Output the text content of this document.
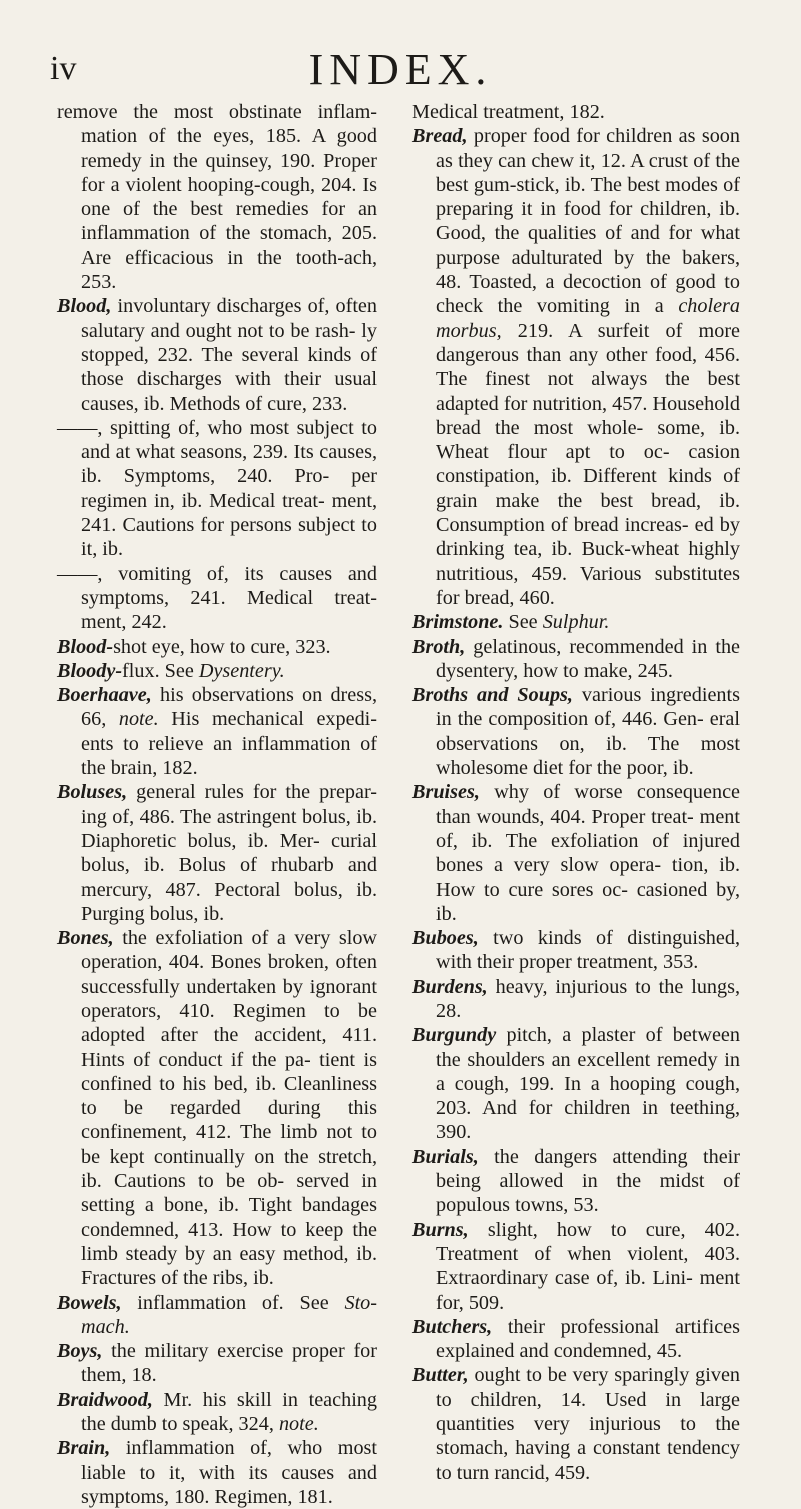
iv	INDEX.

remove the most obstinate inflam- mation of the eyes, 185. A good remedy in the quinsey, 190. Proper for a violent hooping-cough, 204. Is one of the best remedies for an inflammation of the stomach, 205. Are efficacious in the tooth-ach, 253.

Blood, involuntary discharges of, often salutary and ought not to be rash- ly stopped, 232. The several kinds of those discharges with their usual causes, ib. Methods of cure, 233.

——, spitting of, who most subject to and at what seasons, 239. Its causes, ib. Symptoms, 240. Pro- per regimen in, ib. Medical treat- ment, 241. Cautions for persons subject to it, ib.

——, vomiting of, its causes and symptoms, 241. Medical treat- ment, 242.

Blood-shot eye, how to cure, 323.

Bloody-flux. See Dysentery.

Boerhaave, his observations on dress, 66, note. His mechanical expedi- ents to relieve an inflammation of the brain, 182.

Boluses, general rules for the prepar- ing of, 486. The astringent bolus, ib. Diaphoretic bolus, ib. Mer- curial bolus, ib. Bolus of rhubarb and mercury, 487. Pectoral bolus, ib. Purging bolus, ib.

Bones, the exfoliation of a very slow operation, 404. Bones broken, often successfully undertaken by ignorant operators, 410. Regimen to be adopted after the accident, 411. Hints of conduct if the pa- tient is confined to his bed, ib. Cleanliness to be regarded during this confinement, 412. The limb not to be kept continually on the stretch, ib. Cautions to be ob- served in setting a bone, ib. Tight bandages condemned, 413. How to keep the limb steady by an easy method, ib. Fractures of the ribs, ib.

Bowels, inflammation of. See Sto- mach.

Boys, the military exercise proper for them, 18.

Braidwood, Mr. his skill in teaching the dumb to speak, 324, note.

Brain, inflammation of, who most liable to it, with its causes and symptoms, 180. Regimen, 181.

Medical treatment, 182.

Bread, proper food for children as soon as they can chew it, 12. A crust of the best gum-stick, ib. The best modes of preparing it in food for children, ib. Good, the qualities of and for what purpose adulturated by the bakers, 48. Toasted, a decoction of good to check the vomiting in a cholera morbus, 219. A surfeit of more dangerous than any other food, 456. The finest not always the best adapted for nutrition, 457. Household bread the most whole- some, ib. Wheat flour apt to oc- casion constipation, ib. Different kinds of grain make the best bread, ib. Consumption of bread increas- ed by drinking tea, ib. Buck-wheat highly nutritious, 459. Various substitutes for bread, 460.

Brimstone. See Sulphur.

Broth, gelatinous, recommended in the dysentery, how to make, 245.

Broths and Soups, various ingredients in the composition of, 446. Gen- eral observations on, ib. The most wholesome diet for the poor, ib.

Bruises, why of worse consequence than wounds, 404. Proper treat- ment of, ib. The exfoliation of injured bones a very slow opera- tion, ib. How to cure sores oc- casioned by, ib.

Buboes, two kinds of distinguished, with their proper treatment, 353.

Burdens, heavy, injurious to the lungs, 28.

Burgundy pitch, a plaster of between the shoulders an excellent remedy in a cough, 199. In a hooping cough, 203. And for children in teething, 390.

Burials, the dangers attending their being allowed in the midst of populous towns, 53.

Burns, slight, how to cure, 402. Treatment of when violent, 403. Extraordinary case of, ib. Lini- ment for, 509.

Butchers, their professional artifices explained and condemned, 45.

Butter, ought to be very sparingly given to children, 14. Used in large quantities very injurious to the stomach, having a constant tendency to turn rancid, 459.
